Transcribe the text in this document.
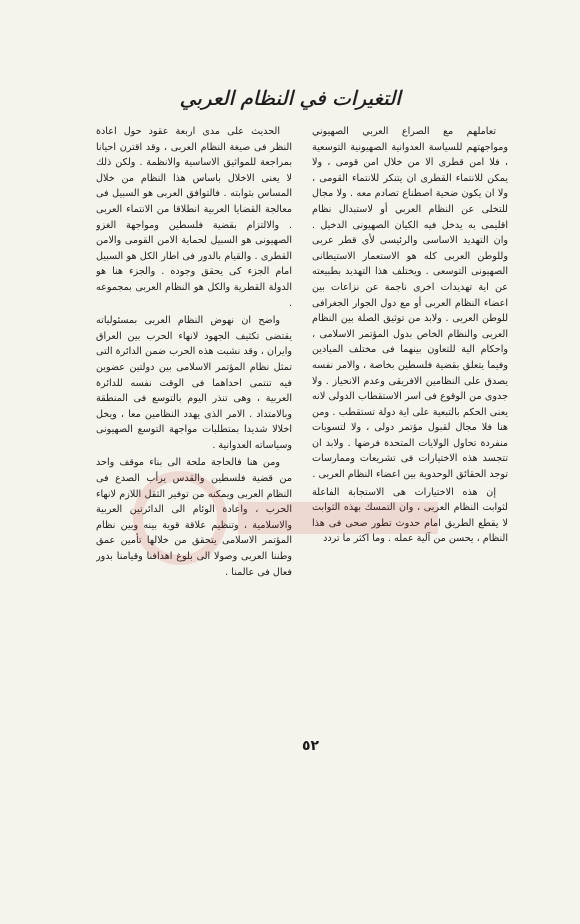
التغيرات في النظام العربي

تعاملهم مع الصراع العربي الصهيوني ومواجهتهم للسياسة العدوانية الصهيونية التوسعية ، فلا امن قطرى الا من خلال امن قومى ، ولا يمكن للانتماء القطرى ان يتنكر للانتماء القومى ، ولا ان يكون ضحية اصطناع تصادم معه . ولا مجال للتخلى عن النظام العربي أو لاستبدال نظام اقليمى به يدخل فيه الكيان الصهيونى الدخيل . وان التهديد الاساسى والرئيسى لأى قطر عربى وللوطن العربى كله هو الاستعمار الاستيطانى الصهيونى التوسعى . ويختلف هذا التهديد بطبيعته عن اية تهديدات اخرى ناجمة عن نزاعات بين اعضاء النظام العربى أو مع دول الجوار الجغرافى للوطن العربى . ولابد من توثيق الصلة بين النظام العربى والنظام الخاص بدول المؤتمر الاسلامى ، واحكام الية للتعاون بينهما فى مختلف الميادين وفيما يتعلق بقضية فلسطين بخاصة ، والامر نفسه يصدق على النظامين الافريقى وعدم الانحياز . ولا جدوى من الوقوع فى اسر الاستقطاب الدولى لانه يعنى الحكم بالتبعية على اية دولة تستقطب . ومن هنا فلا مجال لقبول مؤتمر دولى ، ولا لتسويات منفردة تحاول الولايات المتحدة فرضها . ولابد ان تتجسد هذه الاختيارات فى تشريعات وممارسات توجد الحقائق الوحدوية بين اعضاء النظام العربى .

إن هذه الاختيارات هى الاستجابة الفاعلة لثوابت النظام العربى ، وان التمسك بهذه الثوابت لا يقطع الطريق امام حدوث تطور صحى فى هذا النظام ، يحسن من آلية عمله . وما اكثر ما تردد

الحديث على مدى اربعة عقود حول اعادة النظر فى صيغة النظام العربى ، وقد اقترن احيانا بمراجعة للمواثيق الاساسية والانظمة . ولكن ذلك لا يعنى الاخلال باساس هذا النظام من خلال المساس بثوابته . فالتوافق العربى هو السبيل فى معالجة القضايا العربية انطلاقا من الانتماء العربى . والالتزام بقضية فلسطين ومواجهة الغزو الصهيونى هو السبيل لحماية الامن القومى والامن القطرى . والقيام بالدور فى اطار الكل هو السبيل امام الجزء كى يحقق وجوده . والجزء هنا هو الدولة القطرية والكل هو النظام العربى بمجموعه .

واضح ان نهوض النظام العربى بمسئولياته يقتضى تكثيف الجهود لانهاء الحرب بين العراق وايران ، وقد نشبت هذه الحرب ضمن الدائرة التى تمثل نظام المؤتمر الاسلامى بين دولتين عضوين فيه تنتمى احداهما فى الوقت نفسه للدائرة العربية ، وهى تنذر اليوم بالتوسع فى المنطقة وبالامتداد . الامر الذى يهدد النظامين معا ، ويخل اخلالا شديدا بمتطلبات مواجهة التوسع الصهيونى وسياساته العدوانية .

ومن هنا فالحاجة ملحة الى بناء موقف واحد من قضية فلسطين والقدس يرأب الصدع فى النظام العربى ويمكنه من توفير الثقل اللازم لانهاء الحرب ، واعادة الوئام الى الدائرتين العربية والاسلامية ، وتنظيم علاقة قوية بينه وبين نظام المؤتمر الاسلامى يتحقق من خلالها تأمين عمق وطننا العربى وصولا الى بلوغ اهدافنا وقيامنا بدور فعال فى عالمنا .

٥٢
